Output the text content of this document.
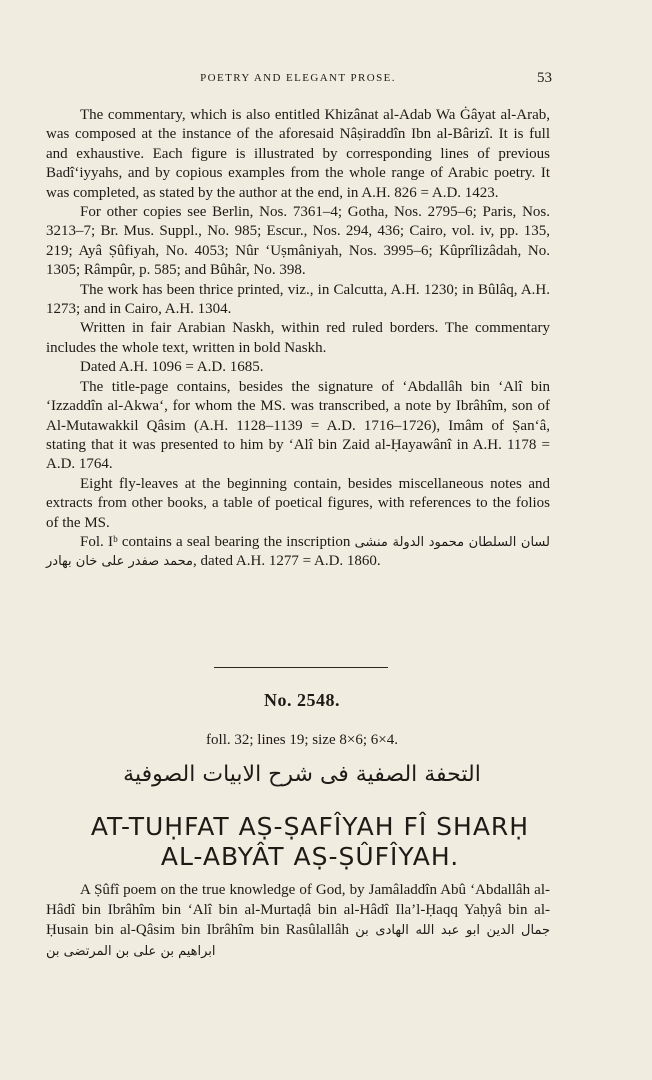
POETRY AND ELEGANT PROSE.	53

The commentary, which is also entitled Khizânat al-Adab Wa Ġâyat al-Arab, was composed at the instance of the aforesaid Nâṣiraddîn Ibn al-Bârizî. It is full and exhaustive. Each figure is illustrated by corresponding lines of previous Badî‘iyyahs, and by copious examples from the whole range of Arabic poetry. It was completed, as stated by the author at the end, in A.H. 826 = A.D. 1423.

For other copies see Berlin, Nos. 7361–4; Gotha, Nos. 2795–6; Paris, Nos. 3213–7; Br. Mus. Suppl., No. 985; Escur., Nos. 294, 436; Cairo, vol. iv, pp. 135, 219; Ayâ Ṣûfiyah, No. 4053; Nûr ‘Uṣmâniyah, Nos. 3995–6; Kûprîlizâdah, No. 1305; Râmpûr, p. 585; and Bûhâr, No. 398.

The work has been thrice printed, viz., in Calcutta, A.H. 1230; in Bûlâq, A.H. 1273; and in Cairo, A.H. 1304.

Written in fair Arabian Naskh, within red ruled borders. The commentary includes the whole text, written in bold Naskh.

Dated A.H. 1096 = A.D. 1685.

The title-page contains, besides the signature of ‘Abdallâh bin ‘Alî bin ‘Izzaddîn al-Akwa‘, for whom the MS. was transcribed, a note by Ibrâhîm, son of Al-Mutawakkil Qâsim (A.H. 1128–1139 = A.D. 1716–1726), Imâm of Ṣan‘â, stating that it was presented to him by ‘Alî bin Zaid al-Ḥayawânî in A.H. 1178 = A.D. 1764.

Eight fly-leaves at the beginning contain, besides miscellaneous notes and extracts from other books, a table of poetical figures, with references to the folios of the MS.

Fol. Iᵇ contains a seal bearing the inscription لسان السلطان محمود الدولة منشى محمد صفدر على خان بهادر, dated A.H. 1277 = A.D. 1860.

No. 2548.
foll. 32; lines 19; size 8×6; 6×4.
التحفة الصفية فى شرح الابيات الصوفية
AT-TUḤFAT AṢ-ṢAFÎYAH FÎ SHARḤ
AL-ABYÂT AṢ-ṢÛFÎYAH.

A Ṣûfî poem on the true knowledge of God, by Jamâladdîn Abû ‘Abdallâh al-Hâdî bin Ibrâhîm bin ‘Alî bin al-Murtaḍâ bin al-Hâdî Ila’l-Ḥaqq Yaḥyâ bin al-Ḥusain bin al-Qâsim bin Ibrâhîm bin Rasûlallâh جمال الدين ابو عبد الله الهادى بن ابراهيم بن على بن المرتضى بن
